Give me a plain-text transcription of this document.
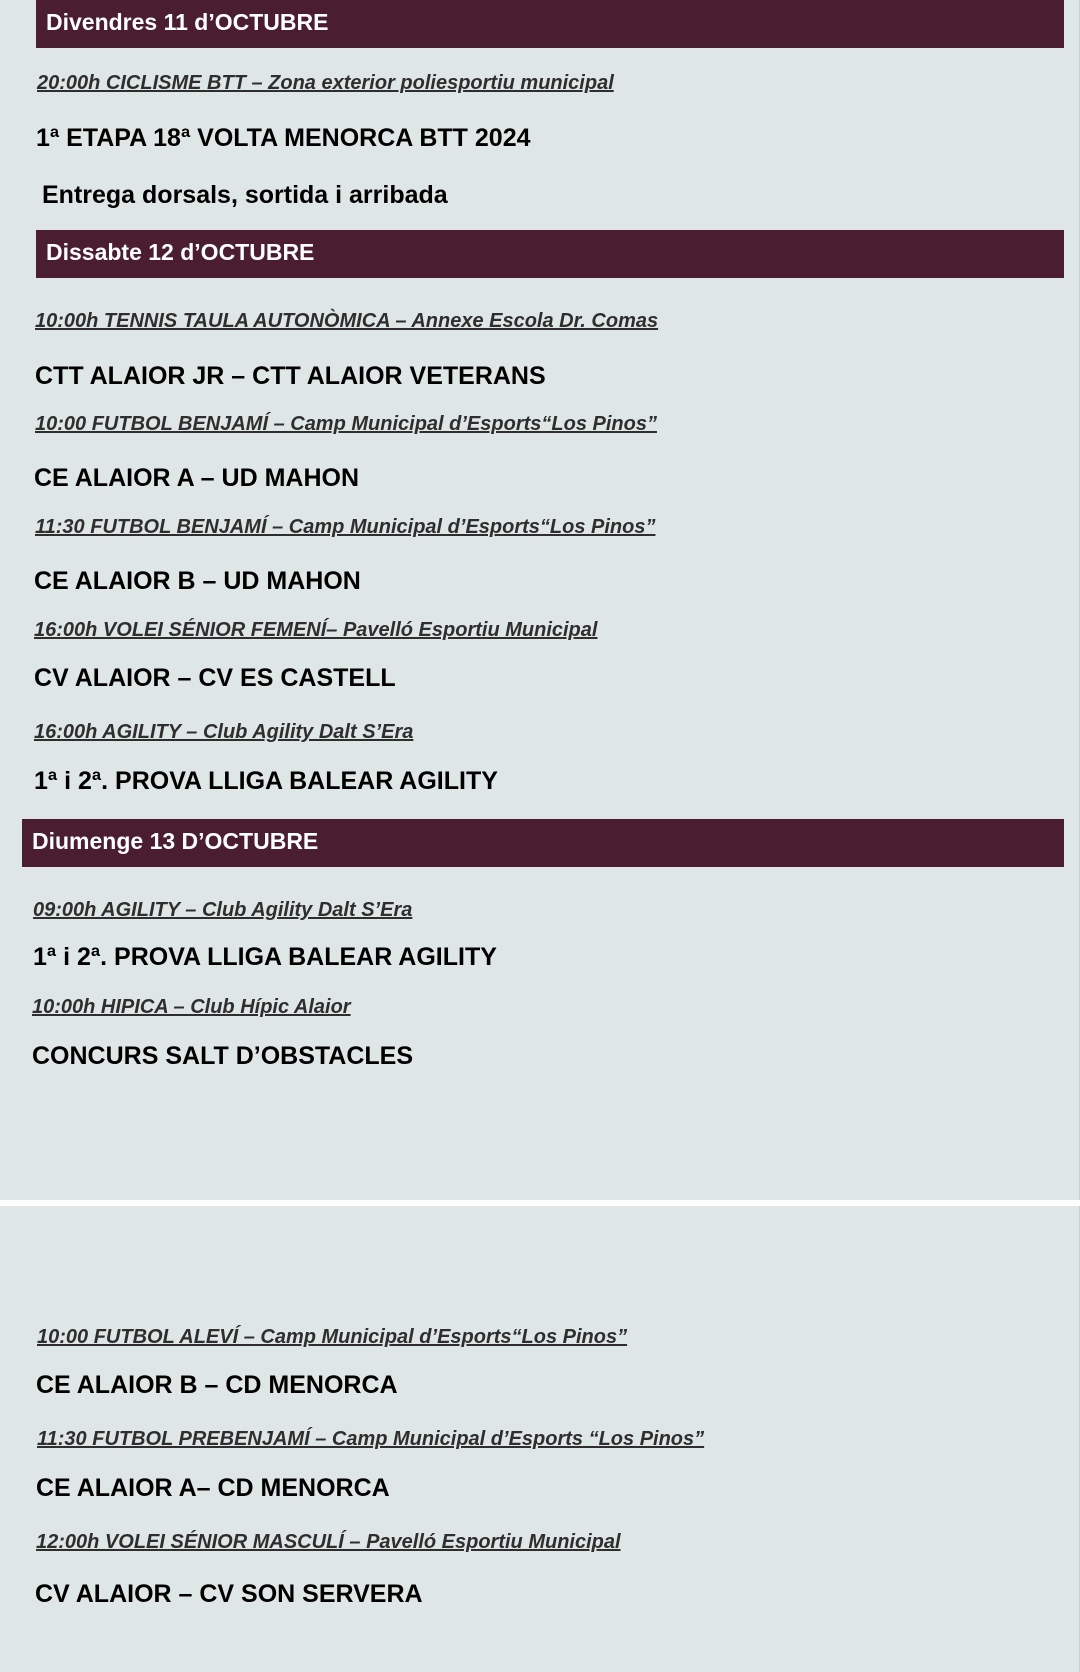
Divendres 11 d’OCTUBRE
20:00h CICLISME BTT – Zona exterior poliesportiu municipal
1ª ETAPA 18ª VOLTA MENORCA BTT 2024
Entrega dorsals, sortida i arribada
Dissabte 12 d’OCTUBRE
10:00h TENNIS TAULA AUTONÒMICA – Annexe Escola Dr. Comas
CTT ALAIOR JR – CTT ALAIOR VETERANS
10:00 FUTBOL BENJAMÍ – Camp Municipal d’Esports“Los Pinos”
CE ALAIOR A – UD MAHON
11:30 FUTBOL BENJAMÍ – Camp Municipal d’Esports“Los Pinos”
CE ALAIOR B – UD MAHON
16:00h VOLEI SÉNIOR FEMENÍ– Pavelló Esportiu Municipal
CV ALAIOR – CV ES CASTELL
16:00h AGILITY – Club Agility Dalt S’Era
1ª i 2ª. PROVA LLIGA BALEAR AGILITY
Diumenge 13 D’OCTUBRE
09:00h AGILITY – Club Agility Dalt S’Era
1ª i 2ª. PROVA LLIGA BALEAR AGILITY
10:00h HIPICA – Club Hípic Alaior
CONCURS SALT D’OBSTACLES
10:00 FUTBOL ALEVÍ – Camp Municipal d’Esports“Los Pinos”
CE ALAIOR B – CD MENORCA
11:30 FUTBOL PREBENJAMÍ – Camp Municipal d’Esports “Los Pinos”
CE ALAIOR A– CD MENORCA
12:00h VOLEI SÉNIOR MASCULÍ – Pavelló Esportiu Municipal
CV ALAIOR – CV SON SERVERA
